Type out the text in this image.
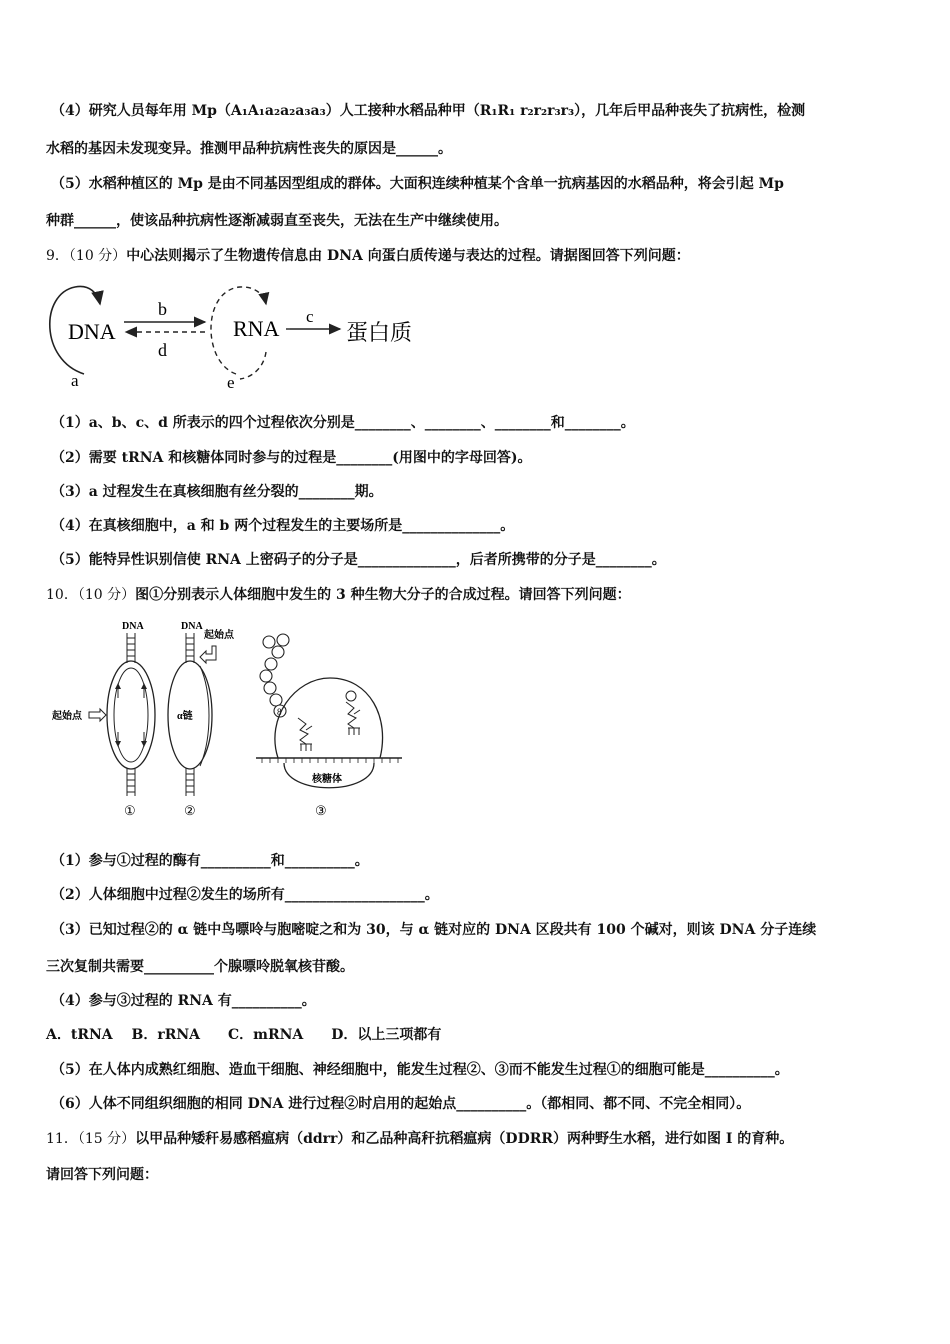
（4）研究人员每年用 Mp（A₁A₁a₂a₂a₃a₃）人工接种水稻品种甲（R₁R₁ r₂r₂r₃r₃），几年后甲品种丧失了抗病性，检测
水稻的基因未发现变异。推测甲品种抗病性丧失的原因是______。
（5）水稻种植区的 Mp 是由不同基因型组成的群体。大面积连续种植某个含单一抗病基因的水稻品种，将会引起 Mp
种群______，使该品种抗病性逐渐减弱直至丧失，无法在生产中继续使用。
9．（10 分）中心法则揭示了生物遗传信息由 DNA 向蛋白质传递与表达的过程。请据图回答下列问题：
DNA
a
b
d
RNA
e
c
蛋白质
（1）a、b、c、d 所表示的四个过程依次分别是________、________、________和________。
（2）需要 tRNA 和核糖体同时参与的过程是________(用图中的字母回答)。
（3）a 过程发生在真核细胞有丝分裂的________期。
（4）在真核细胞中，a 和 b 两个过程发生的主要场所是______________。
（5）能特异性识别信使 RNA 上密码子的分子是______________，后者所携带的分子是________。
10．（10 分）图①分别表示人体细胞中发生的 3 种生物大分子的合成过程。请回答下列问题：
DNA
起始点
①
DNA
α链
起始点
②
8
核糖体
③
（1）参与①过程的酶有__________和__________。
（2）人体细胞中过程②发生的场所有____________________。
（3）已知过程②的 α 链中鸟嘌呤与胞嘧啶之和为 30，与 α 链对应的 DNA 区段共有 100 个碱对，则该 DNA 分子连续
三次复制共需要__________个腺嘌呤脱氧核苷酸。
（4）参与③过程的 RNA 有__________。
A．tRNA　 B．rRNA　　C．mRNA　　D．以上三项都有
（5）在人体内成熟红细胞、造血干细胞、神经细胞中，能发生过程②、③而不能发生过程①的细胞可能是__________。
（6）人体不同组织细胞的相同 DNA 进行过程②时启用的起始点__________。（都相同、都不同、不完全相同）。
11．（15 分）以甲品种矮秆易感稻瘟病（ddrr）和乙品种高秆抗稻瘟病（DDRR）两种野生水稻，进行如图 I 的育种。
请回答下列问题：
